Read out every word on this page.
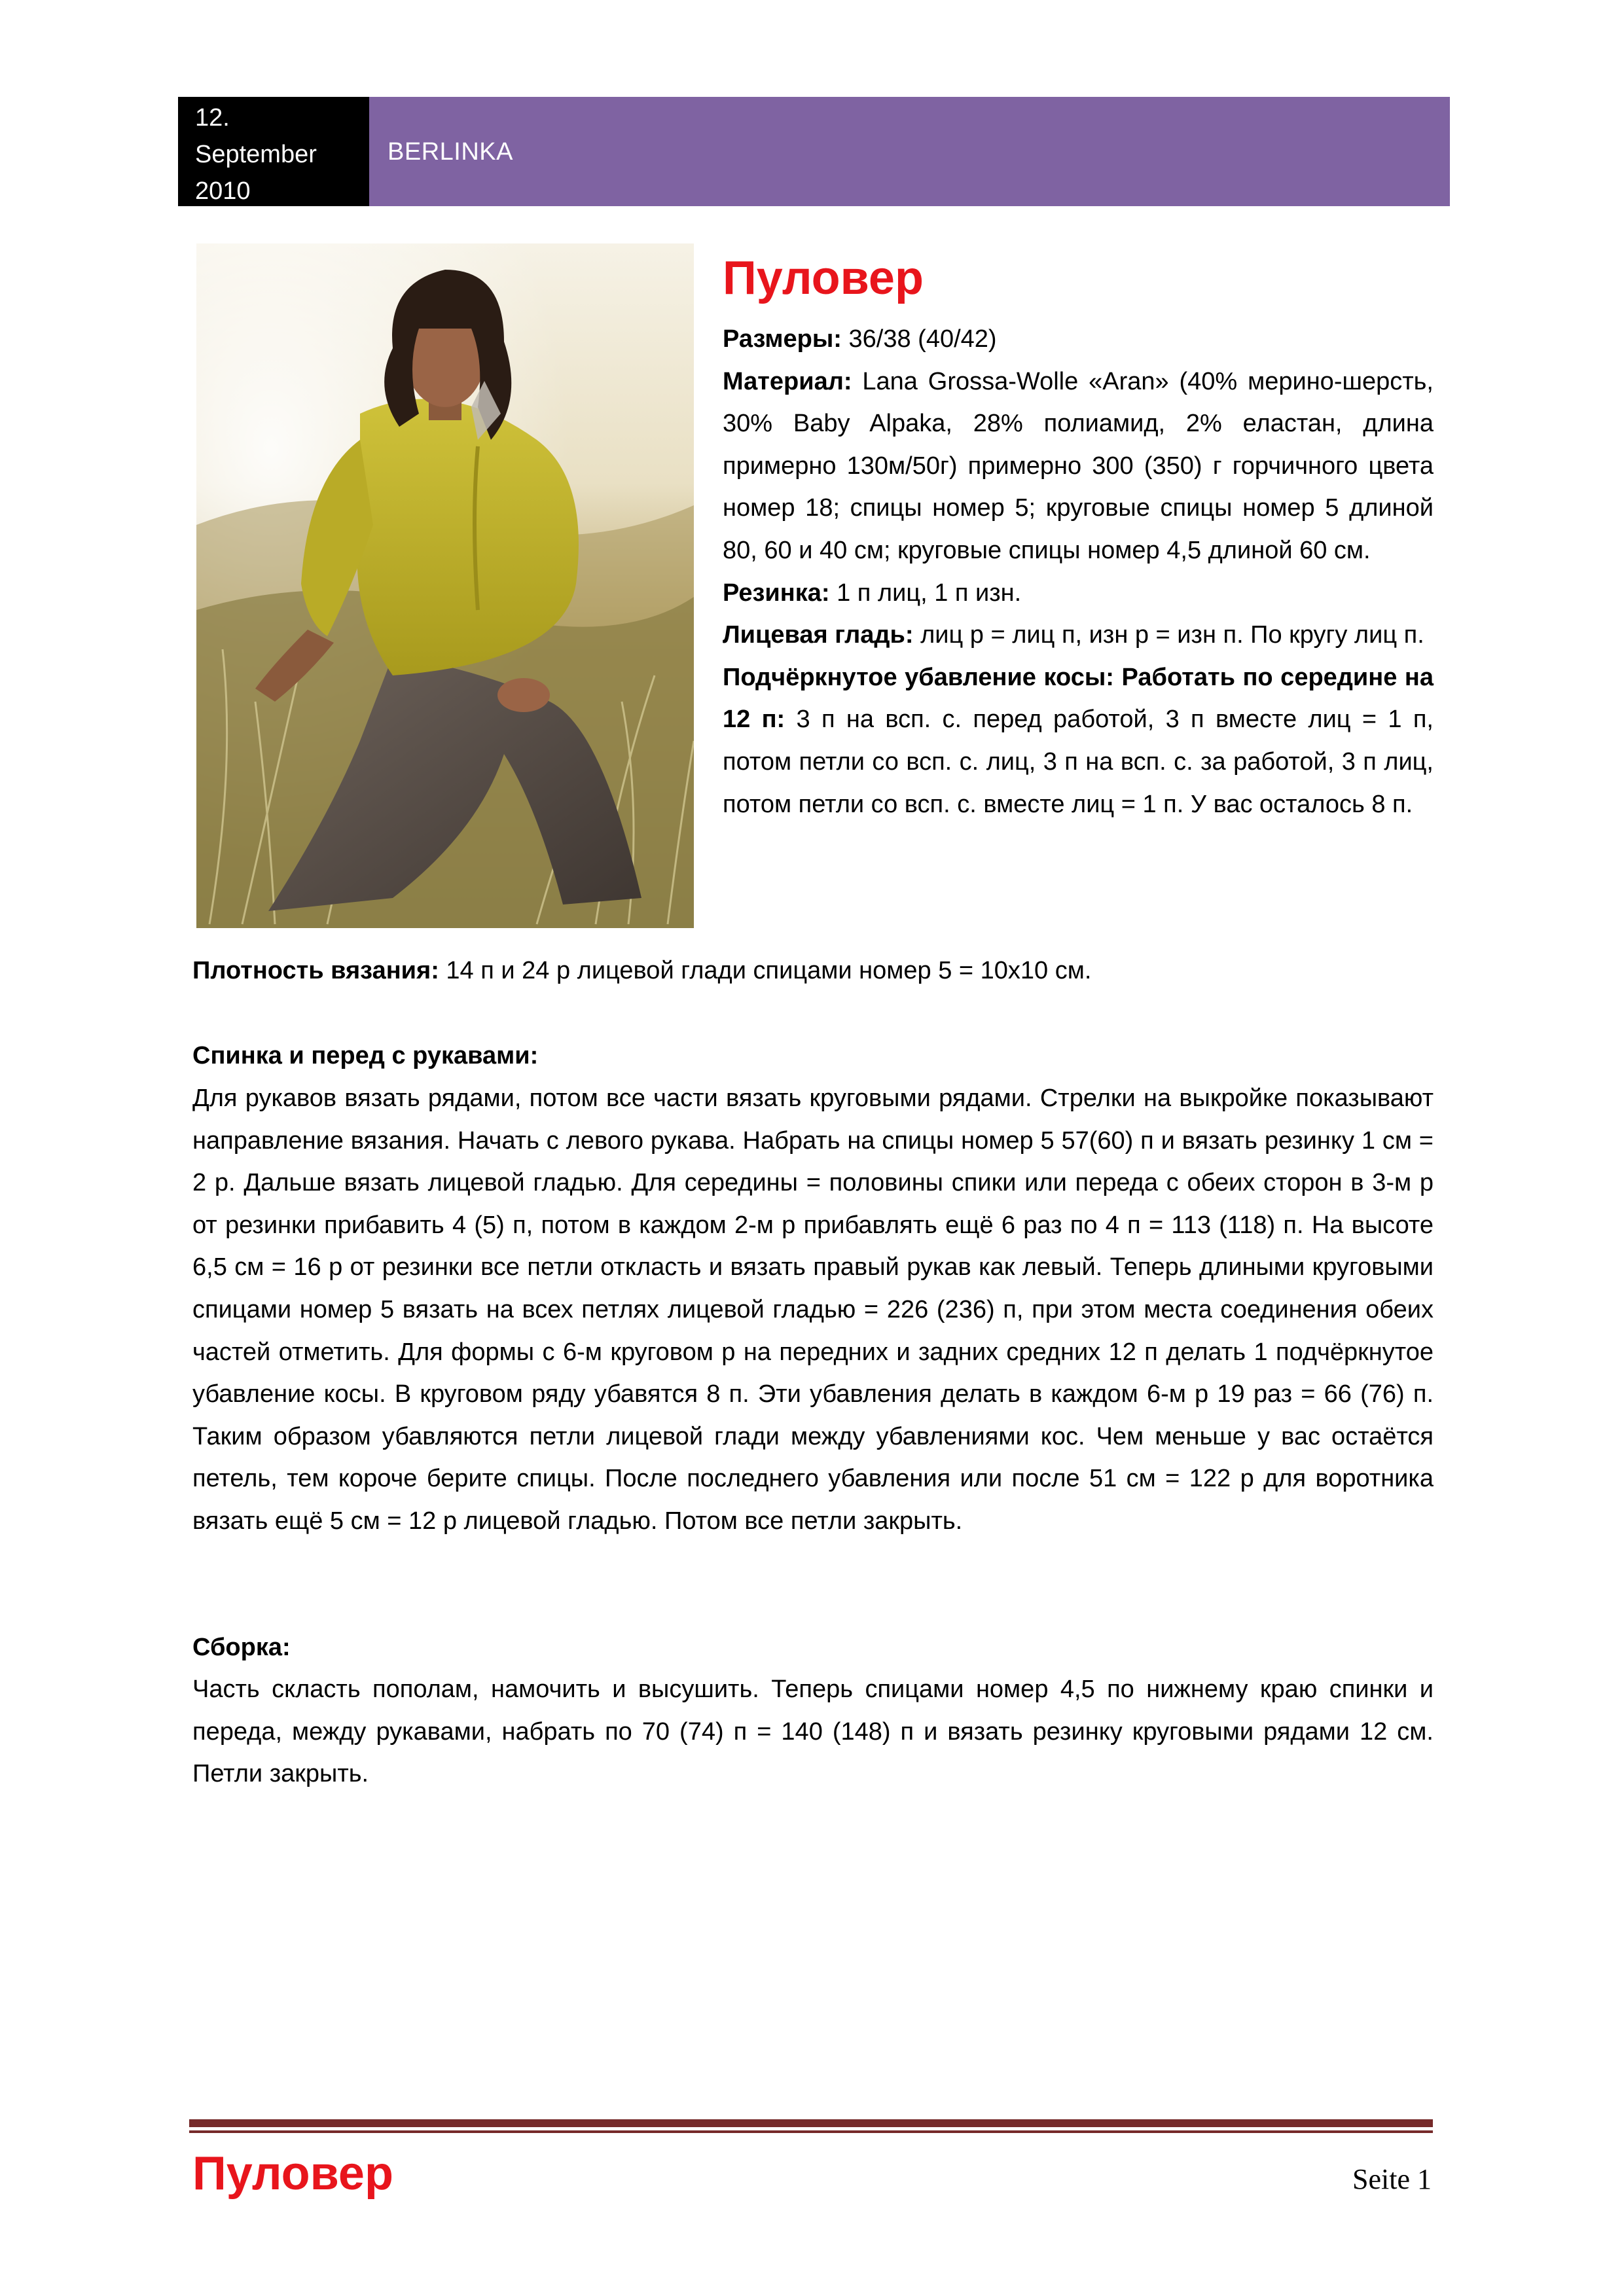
12.
September
2010
BERLINKA
Пуловер

Размеры: 36/38 (40/42)

Материал: Lana Grossa-Wolle «Aran» (40% мерино-шерсть, 30% Baby Alpaka, 28% полиамид, 2% еластан, длина примерно 130м/50г) примерно 300 (350) г горчичного цвета номер 18; спицы номер 5; круговые спицы номер 5 длиной 80, 60 и 40 см; круговые спицы номер 4,5 длиной 60 см.

Резинка: 1 п лиц, 1 п изн.

Лицевая гладь: лиц р = лиц п, изн р = изн п. По кругу лиц п.

Подчёркнутое убавление косы: Работать по середине на 12 п: 3 п на всп. с. перед работой, 3 п вместе лиц = 1 п, потом петли со всп. с. лиц, 3 п на всп. с. за работой, 3 п лиц, потом петли со всп. с. вместе лиц = 1 п. У вас осталось 8 п.

Плотность вязания: 14 п и 24 р лицевой глади спицами номер 5 = 10х10 см.

Спинка и перед с рукавами:

Для рукавов вязать рядами, потом все части вязать круговыми рядами. Стрелки на выкройке показывают направление вязания. Начать с левого рукава. Набрать на спицы номер 5 57(60) п и вязать резинку 1 см = 2 р. Дальше вязать лицевой гладью. Для середины = половины спики или переда с обеих сторон в 3-м р от резинки прибавить 4 (5) п, потом в каждом 2-м р прибавлять ещё 6 раз по 4 п = 113 (118) п. На высоте 6,5 см = 16 р от резинки все петли откласть и вязать правый рукав как левый. Теперь длиными круговыми спицами номер 5 вязать на всех петлях лицевой гладью = 226 (236) п, при этом места соединения обеих частей отметить. Для формы с 6-м круговом р на передних и задних средних 12 п делать 1 подчёркнутое убавление косы. В круговом ряду убавятся 8 п. Эти убавления делать в каждом 6-м р 19 раз = 66 (76) п. Таким образом убавляются петли лицевой глади между убавлениями кос. Чем меньше у вас остаётся петель, тем короче берите спицы. После последнего убавления или после 51 см = 122 р для воротника вязать ещё 5 см = 12 р лицевой гладью. Потом все петли закрыть.

Сборка:

Часть скласть пополам, намочить и высушить. Теперь спицами номер 4,5 по нижнему краю спинки и переда, между рукавами, набрать по 70 (74) п = 140 (148) п и вязать резинку круговыми рядами 12 см. Петли закрыть.

Пуловер	Seite 1
